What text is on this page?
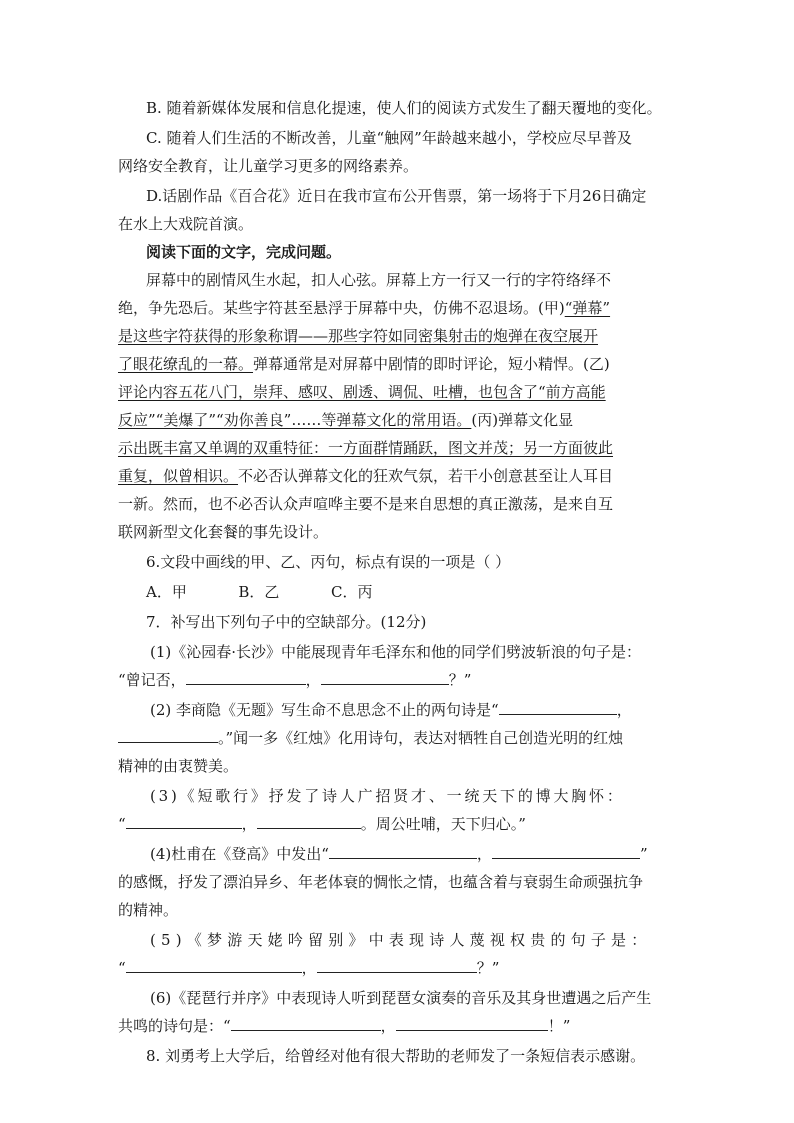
B. 随着新媒体发展和信息化提速，使人们的阅读方式发生了翻天覆地的变化。
C. 随着人们生活的不断改善，儿童“触网”年龄越来越小，学校应尽早普及
网络安全教育，让儿童学习更多的网络素养。
D.话剧作品《百合花》近日在我市宣布公开售票，第一场将于下月26日确定
在水上大戏院首演。
阅读下面的文字，完成问题。
屏幕中的剧情风生水起，扣人心弦。屏幕上方一行又一行的字符络绎不
绝，争先恐后。某些字符甚至悬浮于屏幕中央，仿佛不忍退场。(甲)“弹幕”
是这些字符获得的形象称谓——那些字符如同密集射击的炮弹在夜空展开
了眼花缭乱的一幕。弹幕通常是对屏幕中剧情的即时评论，短小精悍。(乙)
评论内容五花八门，崇拜、感叹、剧透、调侃、吐槽，也包含了“前方高能
反应”“美爆了”“劝你善良”……等弹幕文化的常用语。(丙)弹幕文化显
示出既丰富又单调的双重特征：一方面群情踊跃，图文并茂；另一方面彼此
重复，似曾相识。不必否认弹幕文化的狂欢气氛，若干小创意甚至让人耳目
一新。然而，也不必否认众声喧哗主要不是来自思想的真正激荡，是来自互
联网新型文化套餐的事先设计。
6.文段中画线的甲、乙、丙句，标点有误的一项是（ ）
A．甲	B．乙	C．丙
7．补写出下列句子中的空缺部分。(12分)
(1)《沁园春·长沙》中能展现青年毛泽东和他的同学们劈波斩浪的句子是：
“曾记否，	，	？”
(2) 李商隐《无题》写生命不息思念不止的两句诗是“	，
。”闻一多《红烛》化用诗句，表达对牺牲自己创造光明的红烛
精神的由衷赞美。
(3)《短歌行》抒发了诗人广招贤才、一统天下的博大胸怀：
“	，	。周公吐哺，天下归心。”
(4)杜甫在《登高》中发出“	，	”
的感慨，抒发了漂泊异乡、年老体衰的惆怅之情，也蕴含着与衰弱生命顽强抗争
的精神。
(5)《梦游天姥吟留别》中表现诗人蔑视权贵的句子是：
“	，	？”
(6)《琵琶行并序》中表现诗人听到琵琶女演奏的音乐及其身世遭遇之后产生
共鸣的诗句是：“	，	！”
8. 刘勇考上大学后，给曾经对他有很大帮助的老师发了一条短信表示感谢。
